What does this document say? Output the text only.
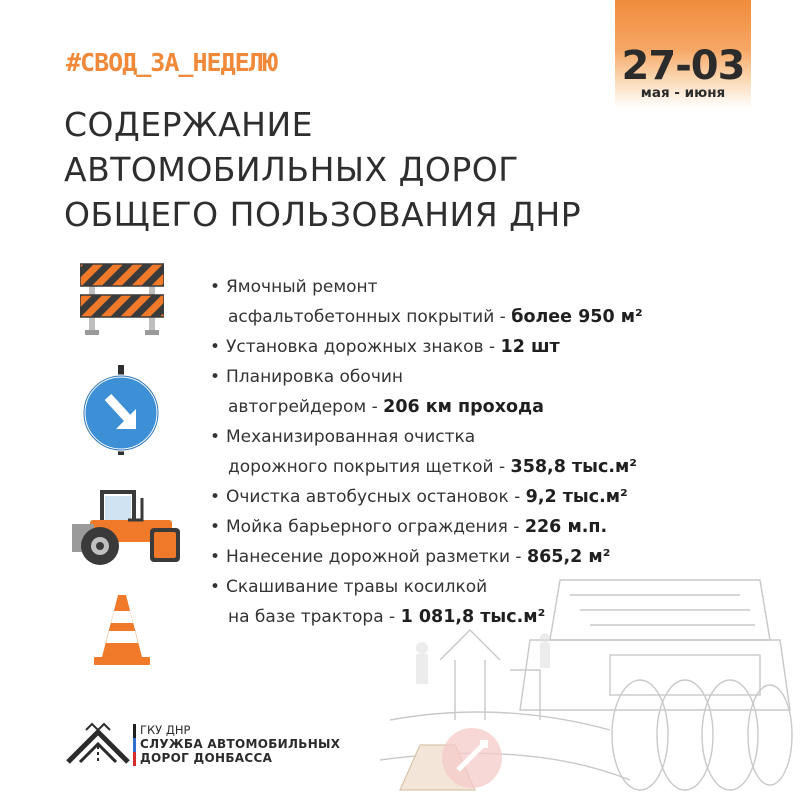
27-03
мая - июня
#СВОД_ЗА_НЕДЕЛЮ
СОДЕРЖАНИЕ
АВТОМОБИЛЬНЫХ ДОРОГ
ОБЩЕГО ПОЛЬЗОВАНИЯ ДНР
• Ямочный ремонт
асфальтобетонных покрытий - более 950 м²
• Установка дорожных знаков - 12 шт
• Планировка обочин
автогрейдером - 206 км прохода
• Механизированная очистка
дорожного покрытия щеткой - 358,8 тыс.м²
• Очистка автобусных остановок - 9,2 тыс.м²
• Мойка барьерного ограждения - 226 м.п.
• Нанесение дорожной разметки - 865,2 м²
• Скашивание травы косилкой
на базе трактора - 1 081,8 тыс.м²
ГКУ ДНР
СЛУЖБА АВТОМОБИЛЬНЫХ
ДОРОГ ДОНБАССА
